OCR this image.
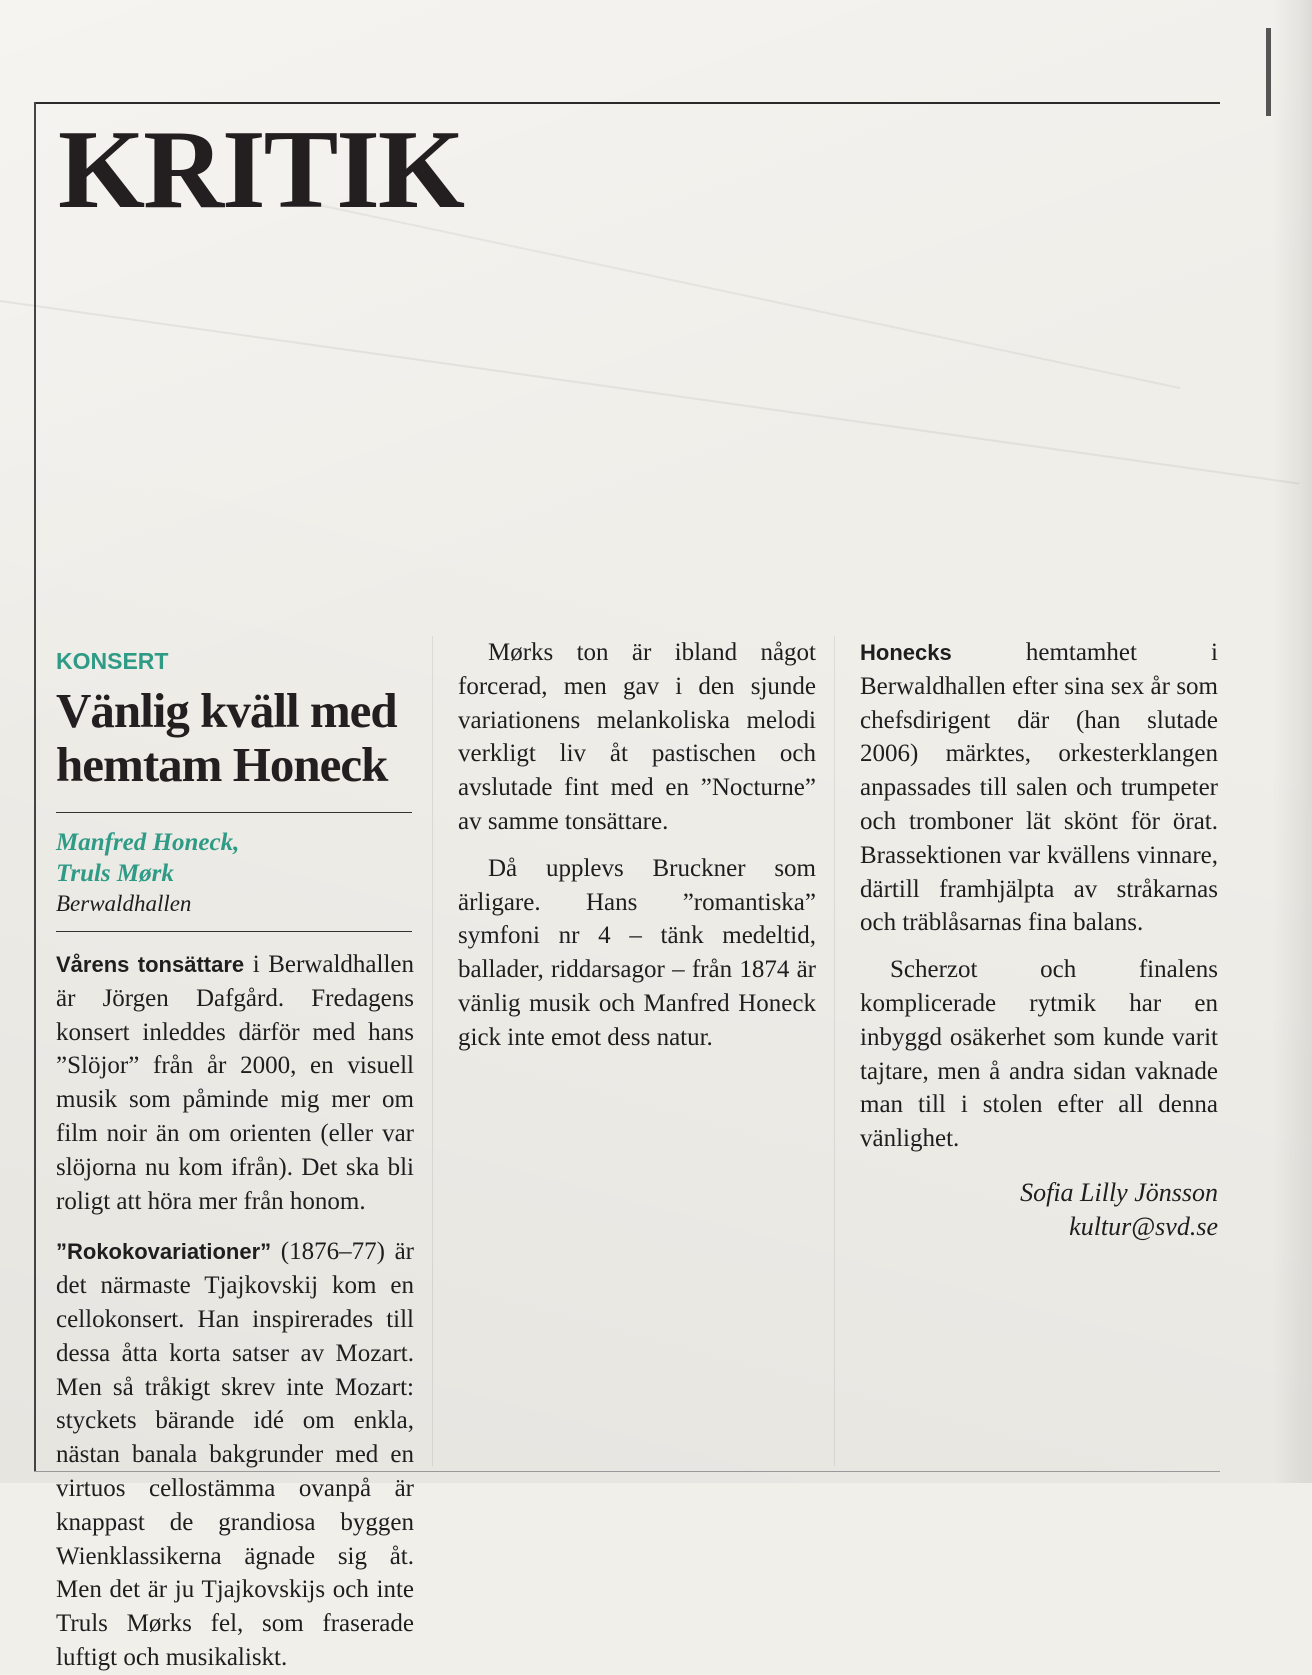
KRITIK
KONSERT
Vänlig kväll med
hemtam Honeck
Manfred Honeck,
Truls Mørk
Berwaldhallen

Vårens tonsättare i Berwaldhallen är Jörgen Dafgård. Fredagens konsert inleddes därför med hans ”Slöjor” från år 2000, en visuell musik som påminde mig mer om film noir än om orienten (eller var slöjorna nu kom ifrån). Det ska bli roligt att höra mer från honom.

”Rokokovariationer” (1876–77) är det närmaste Tjajkovskij kom en cellokonsert. Han inspirerades till dessa åtta korta satser av Mozart. Men så tråkigt skrev inte Mozart: styckets bärande idé om enkla, nästan banala bakgrunder med en virtuos cellostämma ovanpå är knappast de grandiosa byggen Wienklassikerna ägnade sig åt. Men det är ju Tjajkovskijs och inte Truls Mørks fel, som fraserade luftigt och musikaliskt.

Mørks ton är ibland något forcerad, men gav i den sjunde variationens melankoliska melodi verkligt liv åt pastischen och avslutade fint med en ”Nocturne” av samme tonsättare.

Då upplevs Bruckner som ärligare. Hans ”romantiska” symfoni nr 4 – tänk medeltid, ballader, riddarsagor – från 1874 är vänlig musik och Manfred Honeck gick inte emot dess natur.

Honecks hemtamhet i Berwaldhallen efter sina sex år som chefsdirigent där (han slutade 2006) märktes, orkesterklangen anpassades till salen och trumpeter och tromboner lät skönt för örat. Brassektionen var kvällens vinnare, därtill framhjälpta av stråkarnas och träblåsarnas fina balans.

Scherzot och finalens komplicerade rytmik har en inbyggd osäkerhet som kunde varit tajtare, men å andra sidan vaknade man till i stolen efter all denna vänlighet.

Sofia Lilly Jönsson
kultur@svd.se
